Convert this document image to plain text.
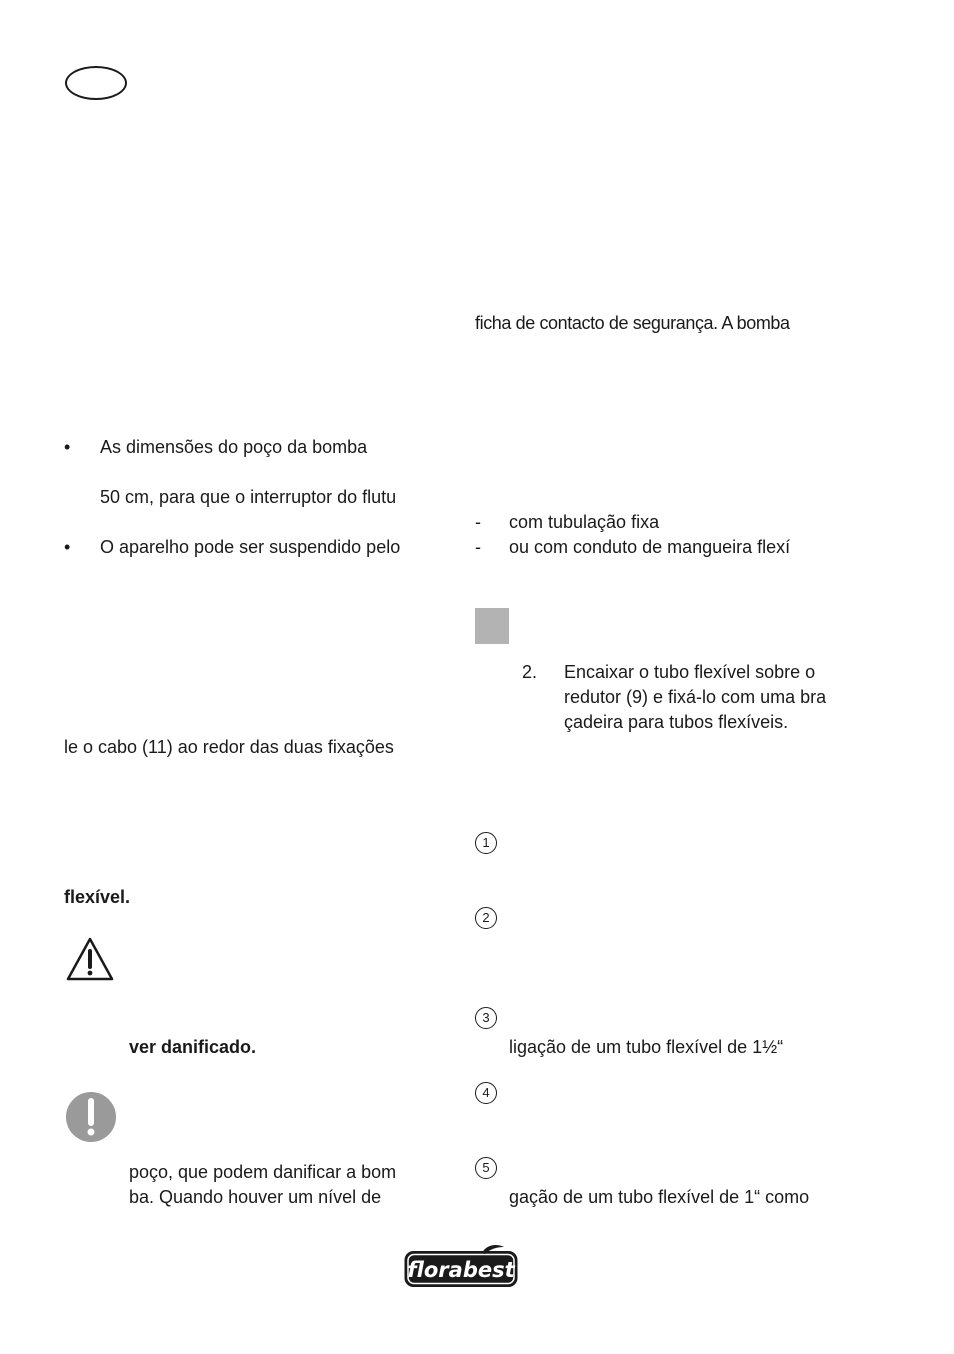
• As dimensões do poço da bomba
50 cm, para que o interruptor do flutu
• O aparelho pode ser suspendido pelo
le o cabo (11) ao redor das duas fixações
flexível.
ver danificado.
poço, que podem danificar a bom
ba. Quando houver um nível de
ficha de contacto de segurança. A bomba
- com tubulação fixa
- ou com conduto de mangueira flexí
2. Encaixar o tubo flexível sobre o
redutor (9) e fixá-lo com uma bra
çadeira para tubos flexíveis.
1
2
3
ligação de um tubo flexível de 1½“
4
5
gação de um tubo flexível de 1“ como
florabest
